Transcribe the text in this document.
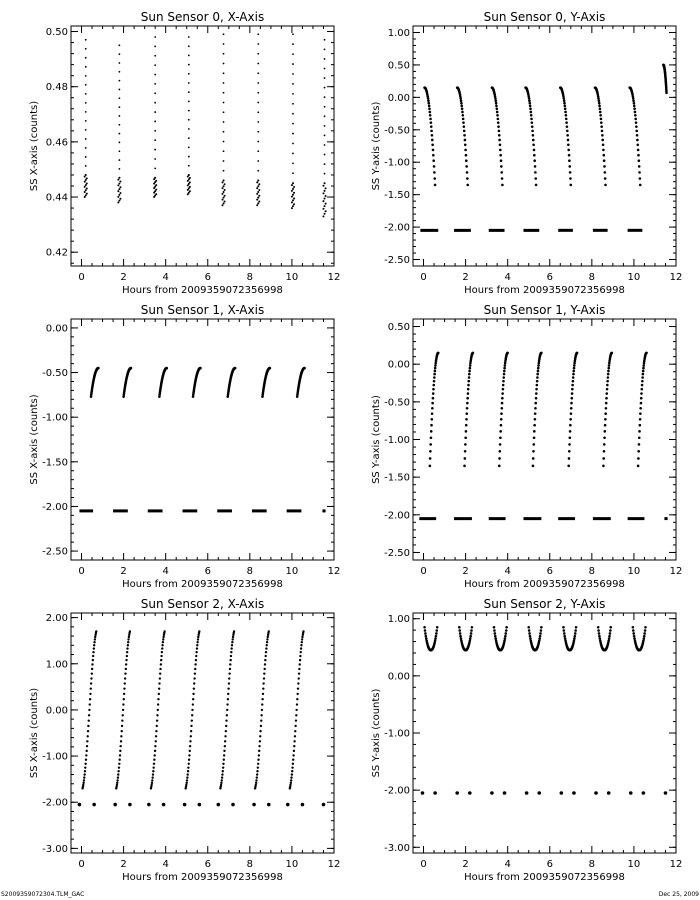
Sun Sensor 0, X-Axis
Hours from 2009359072356998
SS X-axis (counts)
0	2	4	6	8	10	12
0.42
0.44
0.46
0.48
0.50
Sun Sensor 0, Y-Axis
Hours from 2009359072356998
SS Y-axis (counts)
0	2	4	6	8	10	12
1.00
0.50
0.00
-0.50
-1.00
-1.50
-2.00
-2.50
Sun Sensor 1, X-Axis
Hours from 2009359072356998
SS X-axis (counts)
0	2	4	6	8	10	12
0.00
-0.50
-1.00
-1.50
-2.00
-2.50
Sun Sensor 1, Y-Axis
Hours from 2009359072356998
SS Y-axis (counts)
0	2	4	6	8	10	12
0.50
0.00
-0.50
-1.00
-1.50
-2.00
-2.50
Sun Sensor 2, X-Axis
Hours from 2009359072356998
SS X-axis (counts)
0	2	4	6	8	10	12
2.00
1.00
0.00
-1.00
-2.00
-3.00
Sun Sensor 2, Y-Axis
Hours from 2009359072356998
SS Y-axis (counts)
0	2	4	6	8	10	12
1.00
0.00
-1.00
-2.00
-3.00
S2009359072304.TLM_GAC	Dec 25, 2009
